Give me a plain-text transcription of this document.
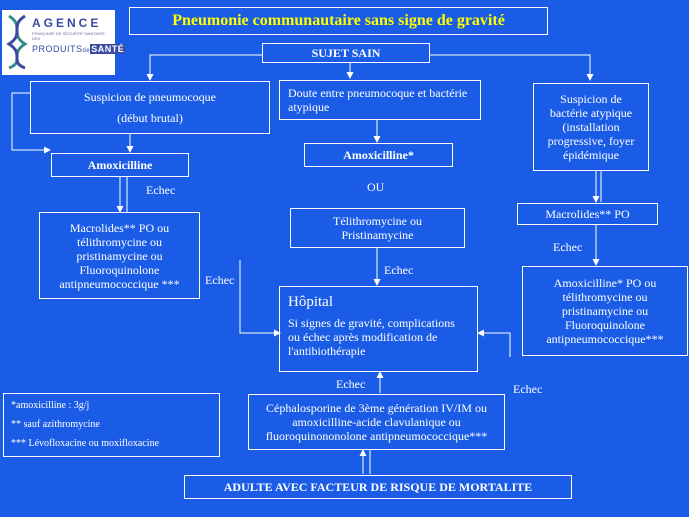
AGENCE
FRANÇAISE DE SÉCURITÉ SANITAIRE DES
PRODUITSdeSANTÉ
Pneumonie communautaire sans signe de gravité
SUJET SAIN
Suspicion de pneumocoque
(début brutal)
Amoxicilline
Echec
Macrolides** PO ou télithromycine ou pristinamycine ou Fluoroquinolone antipneumococcique ***	Echec
Doute entre pneumocoque et bactérie atypique
Amoxicilline*
OU
Télithromycine ou Pristinamycine
Echec
Suspicion de bactérie atypique (installation progressive, foyer épidémique
Macrolides** PO
Echec
Amoxicilline* PO ou télithromycine ou pristinamycine ou Fluoroquinolone antipneumococcique***
Echec
Hôpital
Si signes de gravité, complications ou échec après modification de l'antibiothérapie
Echec
*amoxicilline : 3g/j
** sauf azithromycine
*** Lévofloxacine ou moxifloxacine
Céphalosporine de 3ème génération IV/IM ou amoxicilline-acide clavulanique ou fluoroquinononolone antipneumococcique***
ADULTE AVEC FACTEUR DE RISQUE DE MORTALITE
